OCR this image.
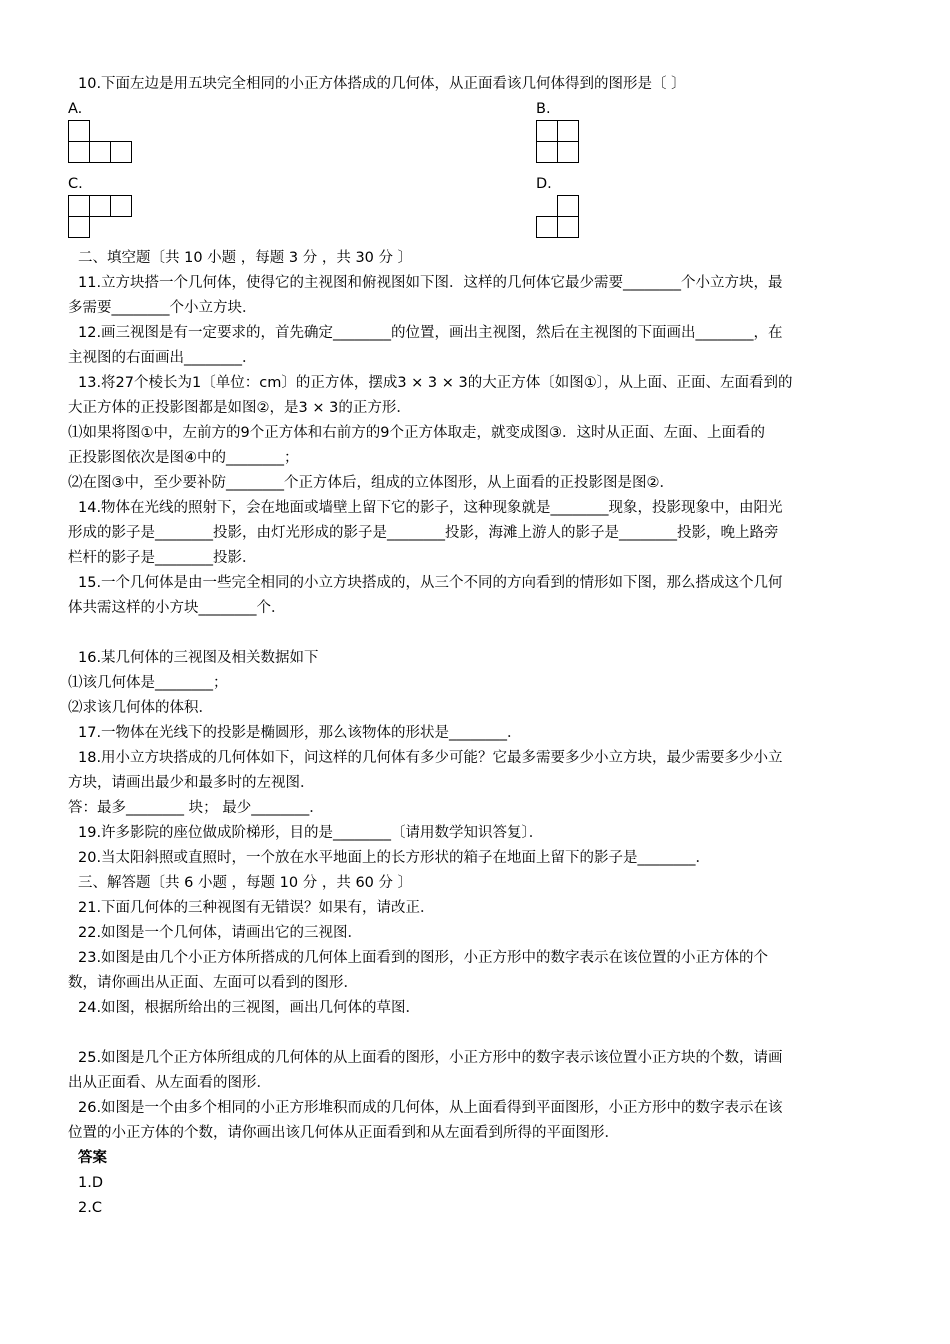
10.下面左边是用五块完全相同的小正方体搭成的几何体，从正面看该几何体得到的图形是〔 〕
A.	B.
C.	D.
二、填空题〔共 10 小题 ，每题 3 分 ，共 30 分 〕
11.立方块搭一个几何体，使得它的主视图和俯视图如下图．这样的几何体它最少需要________个小立方块，最
多需要________个小立方块．
12.画三视图是有一定要求的，首先确定________的位置，画出主视图，然后在主视图的下面画出________，在
主视图的右面画出________．
13.将27个棱长为1〔单位：cm〕的正方体，摆成3 × 3 × 3的大正方体〔如图①〕，从上面、正面、左面看到的
大正方体的正投影图都是如图②，是3 × 3的正方形．
⑴如果将图①中，左前方的9个正方体和右前方的9个正方体取走，就变成图③．这时从正面、左面、上面看的
正投影图依次是图④中的________；
⑵在图③中，至少要补防________个正方体后，组成的立体图形，从上面看的正投影图是图②．
14.物体在光线的照射下，会在地面或墙壁上留下它的影子，这种现象就是________现象，投影现象中，由阳光
形成的影子是________投影，由灯光形成的影子是________投影，海滩上游人的影子是________投影，晚上路旁
栏杆的影子是________投影．
15.一个几何体是由一些完全相同的小立方块搭成的，从三个不同的方向看到的情形如下图，那么搭成这个几何
体共需这样的小方块________个．
16.某几何体的三视图及相关数据如下
⑴该几何体是________；
⑵求该几何体的体积．
17.一物体在光线下的投影是椭圆形，那么该物体的形状是________．
18.用小立方块搭成的几何体如下，问这样的几何体有多少可能？它最多需要多少小立方块，最少需要多少小立
方块，请画出最少和最多时的左视图．
答：最多________ 块； 最少________．
19.许多影院的座位做成阶梯形，目的是________〔请用数学知识答复〕．
20.当太阳斜照或直照时，一个放在水平地面上的长方形状的箱子在地面上留下的影子是________．
三、解答题〔共 6 小题 ，每题 10 分 ，共 60 分 〕
21.下面几何体的三种视图有无错误？如果有，请改正．
22.如图是一个几何体，请画出它的三视图．
23.如图是由几个小正方体所搭成的几何体上面看到的图形，小正方形中的数字表示在该位置的小正方体的个
数，请你画出从正面、左面可以看到的图形．
24.如图，根据所给出的三视图，画出几何体的草图．
25.如图是几个正方体所组成的几何体的从上面看的图形，小正方形中的数字表示该位置小正方块的个数，请画
出从正面看、从左面看的图形．
26.如图是一个由多个相同的小正方形堆积而成的几何体，从上面看得到平面图形，小正方形中的数字表示在该
位置的小正方体的个数，请你画出该几何体从正面看到和从左面看到所得的平面图形．
答案
1.D
2.C
